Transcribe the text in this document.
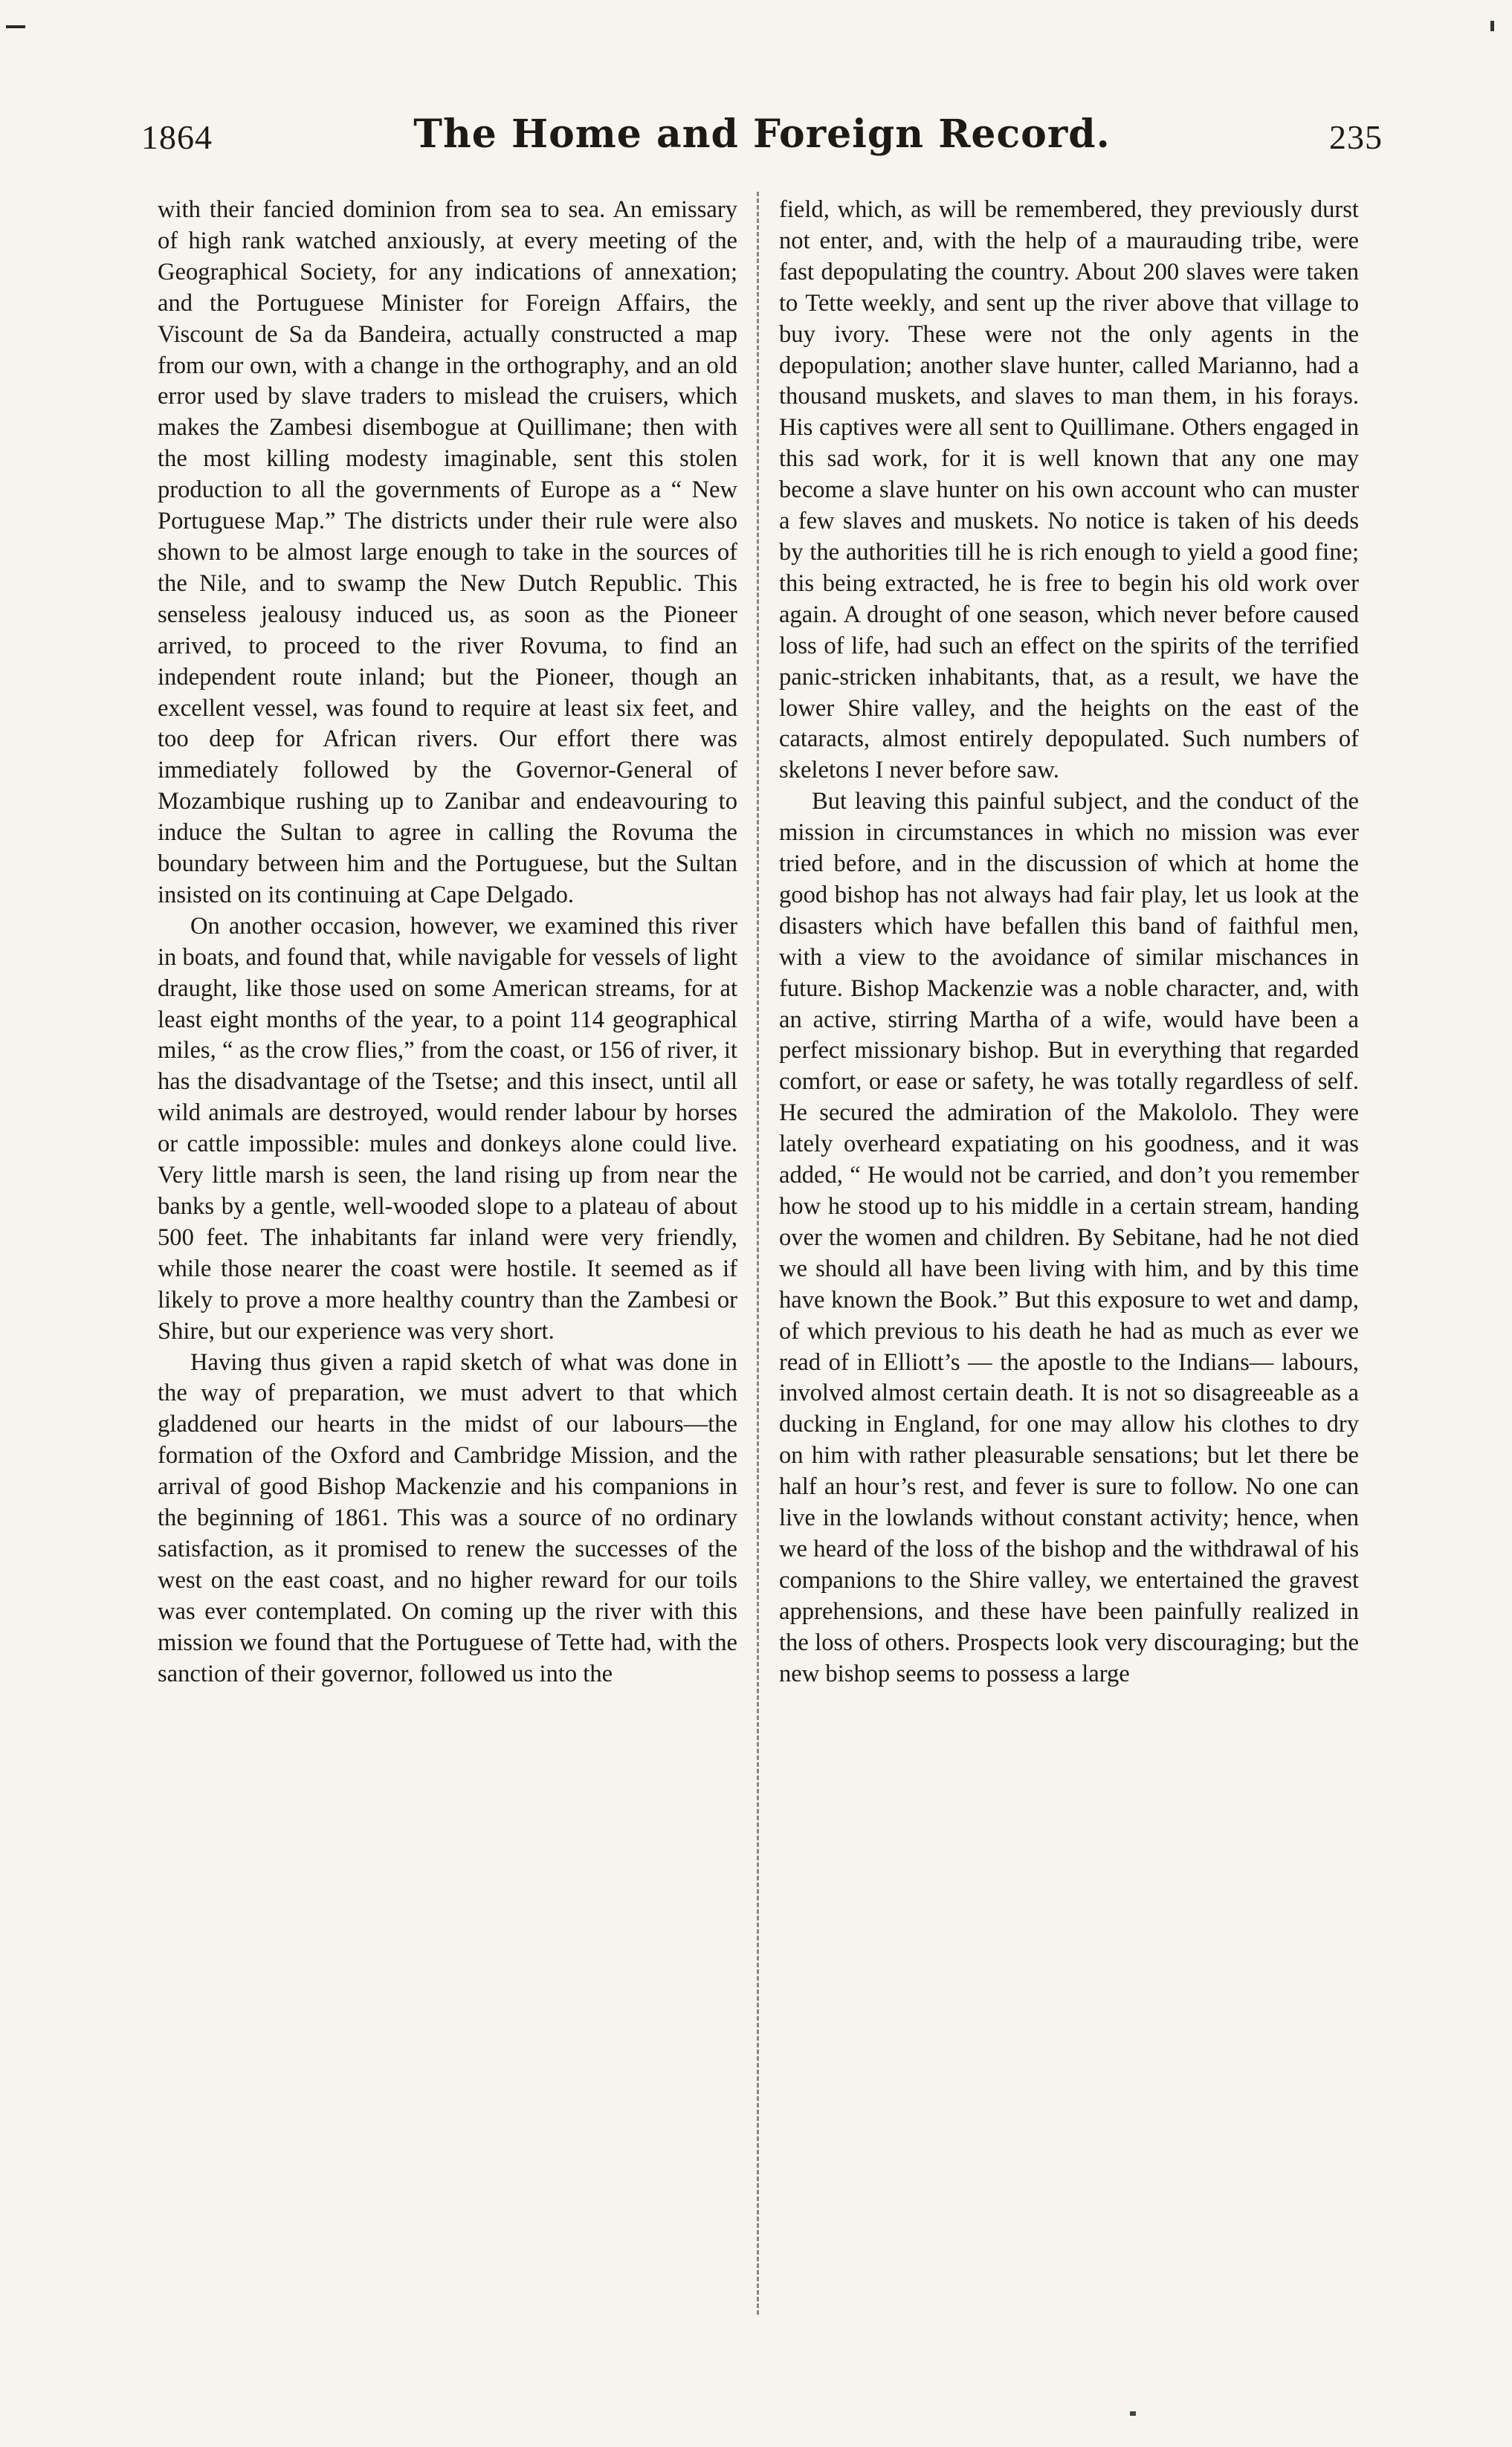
1864	The Home and Foreign Record.	235

with their fancied dominion from sea to sea. An emissary of high rank watched anxiously, at every meeting of the Geographical Society, for any indications of annexation; and the Portuguese Minister for Foreign Affairs, the Viscount de Sa da Bandeira, actually constructed a map from our own, with a change in the orthography, and an old error used by slave traders to mislead the cruisers, which makes the Zambesi disembogue at Quillimane; then with the most killing modesty imaginable, sent this stolen production to all the governments of Europe as a “ New Portuguese Map.” The districts under their rule were also shown to be almost large enough to take in the sources of the Nile, and to swamp the New Dutch Republic. This senseless jealousy induced us, as soon as the Pioneer arrived, to proceed to the river Rovuma, to find an independent route inland; but the Pioneer, though an excellent vessel, was found to require at least six feet, and too deep for African rivers. Our effort there was immediately followed by the Governor-General of Mozambique rushing up to Zanibar and endeavouring to induce the Sultan to agree in calling the Rovuma the boundary between him and the Portuguese, but the Sultan insisted on its continuing at Cape Delgado.

On another occasion, however, we examined this river in boats, and found that, while navigable for vessels of light draught, like those used on some American streams, for at least eight months of the year, to a point 114 geographical miles, “ as the crow flies,” from the coast, or 156 of river, it has the disadvantage of the Tsetse; and this insect, until all wild animals are destroyed, would render labour by horses or cattle impossible: mules and donkeys alone could live. Very little marsh is seen, the land rising up from near the banks by a gentle, well-wooded slope to a plateau of about 500 feet. The inhabitants far inland were very friendly, while those nearer the coast were hostile. It seemed as if likely to prove a more healthy country than the Zambesi or Shire, but our experience was very short.

Having thus given a rapid sketch of what was done in the way of preparation, we must advert to that which gladdened our hearts in the midst of our labours—the formation of the Oxford and Cambridge Mission, and the arrival of good Bishop Mackenzie and his companions in the beginning of 1861. This was a source of no ordinary satisfaction, as it promised to renew the successes of the west on the east coast, and no higher reward for our toils was ever contemplated. On coming up the river with this mission we found that the Portuguese of Tette had, with the sanction of their governor, followed us into the

field, which, as will be remembered, they previously durst not enter, and, with the help of a maurauding tribe, were fast depopulating the country. About 200 slaves were taken to Tette weekly, and sent up the river above that village to buy ivory. These were not the only agents in the depopulation; another slave hunter, called Marianno, had a thousand muskets, and slaves to man them, in his forays. His captives were all sent to Quillimane. Others engaged in this sad work, for it is well known that any one may become a slave hunter on his own account who can muster a few slaves and muskets. No notice is taken of his deeds by the authorities till he is rich enough to yield a good fine; this being extracted, he is free to begin his old work over again. A drought of one season, which never before caused loss of life, had such an effect on the spirits of the terrified panic-stricken inhabitants, that, as a result, we have the lower Shire valley, and the heights on the east of the cataracts, almost entirely depopulated. Such numbers of skeletons I never before saw.

But leaving this painful subject, and the conduct of the mission in circumstances in which no mission was ever tried before, and in the discussion of which at home the good bishop has not always had fair play, let us look at the disasters which have befallen this band of faithful men, with a view to the avoidance of similar mischances in future. Bishop Mackenzie was a noble character, and, with an active, stirring Martha of a wife, would have been a perfect missionary bishop. But in everything that regarded comfort, or ease or safety, he was totally regardless of self. He secured the admiration of the Makololo. They were lately overheard expatiating on his goodness, and it was added, “ He would not be carried, and don’t you remember how he stood up to his middle in a certain stream, handing over the women and children. By Sebitane, had he not died we should all have been living with him, and by this time have known the Book.” But this exposure to wet and damp, of which previous to his death he had as much as ever we read of in Elliott’s — the apostle to the Indians— labours, involved almost certain death. It is not so disagreeable as a ducking in England, for one may allow his clothes to dry on him with rather pleasurable sensations; but let there be half an hour’s rest, and fever is sure to follow. No one can live in the lowlands without constant activity; hence, when we heard of the loss of the bishop and the withdrawal of his companions to the Shire valley, we entertained the gravest apprehensions, and these have been painfully realized in the loss of others. Prospects look very discouraging; but the new bishop seems to possess a large
